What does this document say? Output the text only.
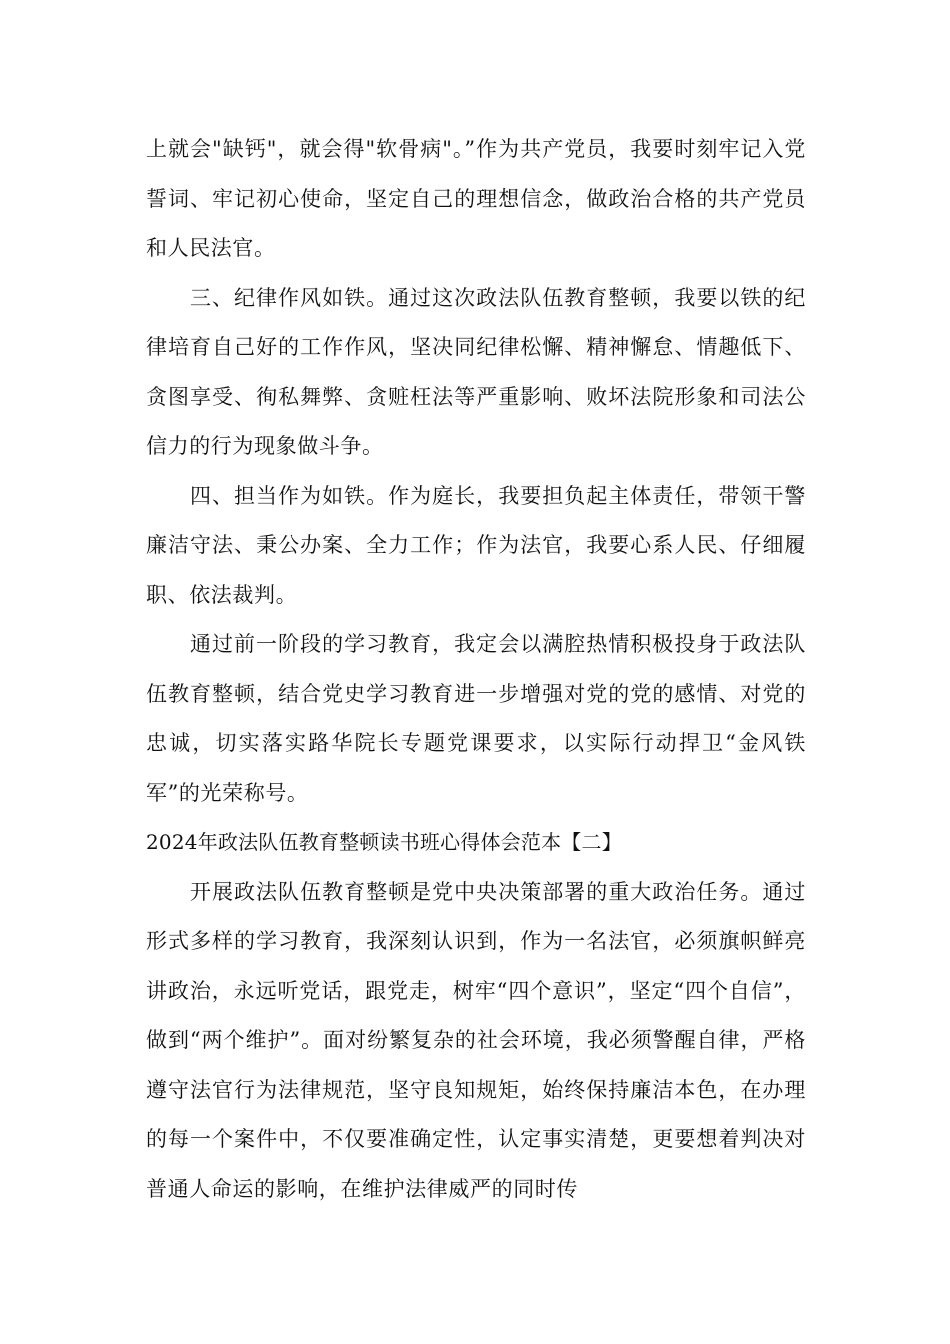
上就会"缺钙"，就会得"软骨病"。”作为共产党员，我要时刻牢记入党誓词、牢记初心使命，坚定自己的理想信念，做政治合格的共产党员和人民法官。

三、纪律作风如铁。通过这次政法队伍教育整顿，我要以铁的纪律培育自己好的工作作风，坚决同纪律松懈、精神懈怠、情趣低下、贪图享受、徇私舞弊、贪赃枉法等严重影响、败坏法院形象和司法公信力的行为现象做斗争。

四、担当作为如铁。作为庭长，我要担负起主体责任，带领干警廉洁守法、秉公办案、全力工作；作为法官，我要心系人民、仔细履职、依法裁判。

通过前一阶段的学习教育，我定会以满腔热情积极投身于政法队伍教育整顿，结合党史学习教育进一步增强对党的党的感情、对党的忠诚，切实落实路华院长专题党课要求，以实际行动捍卫“金风铁军”的光荣称号。

2024年政法队伍教育整顿读书班心得体会范本【二】

开展政法队伍教育整顿是党中央决策部署的重大政治任务。通过形式多样的学习教育，我深刻认识到，作为一名法官，必须旗帜鲜亮讲政治，永远听党话，跟党走，树牢“四个意识”，坚定“四个自信”，做到“两个维护”。面对纷繁复杂的社会环境，我必须警醒自律，严格遵守法官行为法律规范，坚守良知规矩，始终保持廉洁本色，在办理的每一个案件中，不仅要准确定性，认定事实清楚，更要想着判决对普通人命运的影响，在维护法律威严的同时传
